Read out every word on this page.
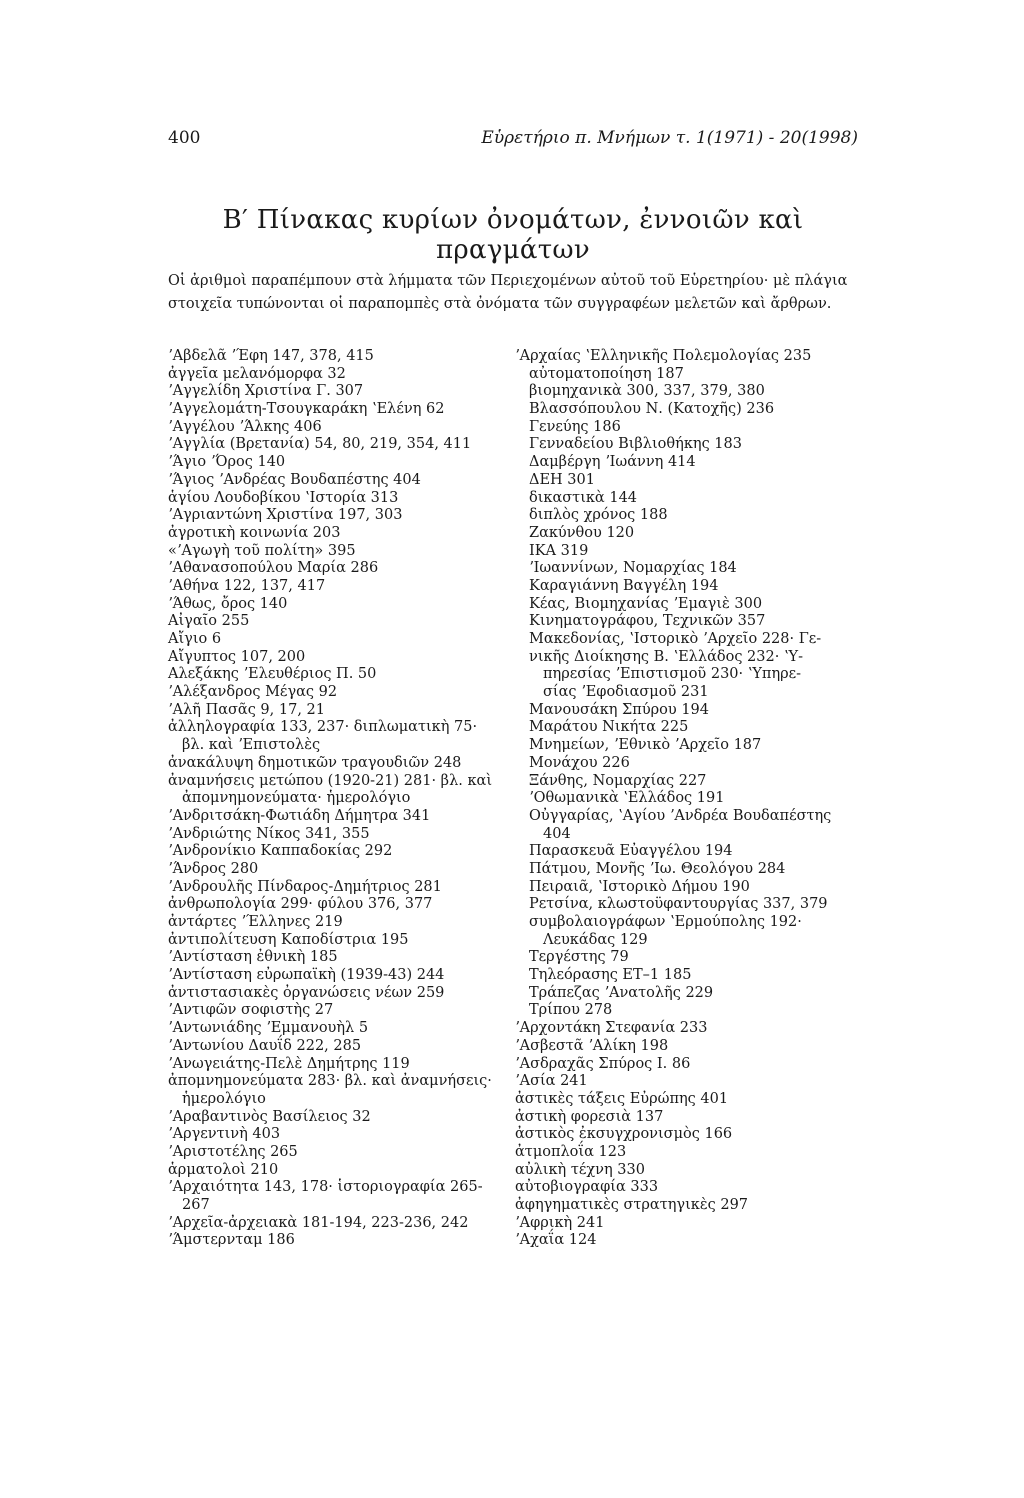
400	Εὑρετήριο π. Μνήμων τ. 1(1971) - 20(1998)
Β′ Πίνακας κυρίων ὀνομάτων, ἐννοιῶν καὶ πραγμάτων
Οἱ ἀριθμοὶ παραπέμπουν στὰ λήμματα τῶν Περιεχομένων αὐτοῦ τοῦ Εὑρετηρίου· μὲ πλάγια
στοιχεῖα τυπώνονται οἱ παραπομπὲς στὰ ὀνόματα τῶν συγγραφέων μελετῶν καὶ ἄρθρων.
ʼΑβδελᾶ ʼΈφη 147, 378, 415
ἀγγεῖα μελανόμορφα 32
ʼΑγγελίδη Χριστίνα Γ. 307
ʼΑγγελομάτη-Τσουγκαράκη ʽΕλένη 62
ʼΑγγέλου ʼΆλκης 406
ʼΑγγλία (Βρετανία) 54, 80, 219, 354, 411
ʼΆγιο ʼΌρος 140
ʼΆγιος ʼΑνδρέας Βουδαπέστης 404
ἁγίου Λουδοβίκου ʽΙστορία 313
ʼΑγριαντώνη Χριστίνα 197, 303
ἀγροτικὴ κοινωνία 203
«ʼΑγωγὴ τοῦ πολίτη» 395
ʼΑθανασοπούλου Μαρία 286
ʼΑθήνα 122, 137, 417
ʼΆθως, ὄρος 140
Αἰγαῖο 255
Αἴγιο 6
Αἴγυπτος 107, 200
Αλεξάκης ʼΕλευθέριος Π. 50
ʼΑλέξανδρος Μέγας 92
ʼΑλῆ Πασᾶς 9, 17, 21
ἀλληλογραφία 133, 237· διπλωματικὴ 75·
βλ. καὶ ʼΕπιστολὲς
ἀνακάλυψη δημοτικῶν τραγουδιῶν 248
ἀναμνήσεις μετώπου (1920-21) 281· βλ. καὶ
ἀπομνημονεύματα· ἡμερολόγιο
ʼΑνδριτσάκη-Φωτιάδη Δήμητρα 341
ʼΑνδριώτης Νίκος 341, 355
ʼΑνδρονίκιο Καππαδοκίας 292
ʼΆνδρος 280
ʼΑνδρουλῆς Πίνδαρος-Δημήτριος 281
ἀνθρωπολογία 299· φύλου 376, 377
ἀντάρτες ʼΈλληνες 219
ἀντιπολίτευση Καποδίστρια 195
ʼΑντίσταση ἐθνικὴ 185
ʼΑντίσταση εὐρωπαϊκὴ (1939-43) 244
ἀντιστασιακὲς ὀργανώσεις νέων 259
ʼΑντιφῶν σοφιστὴς 27
ʼΑντωνιάδης ʼΕμμανουὴλ 5
ʼΑντωνίου Δαυΐδ 222, 285
ʼΑνωγειάτης-Πελὲ Δημήτρης 119
ἀπομνημονεύματα 283· βλ. καὶ ἀναμνήσεις·
ἡμερολόγιο
ʼΑραβαντινὸς Βασίλειος 32
ʼΑργεντινὴ 403
ʼΑριστοτέλης 265
ἁρματολοὶ 210
ʼΑρχαιότητα 143, 178· ἱστοριογραφία 265-
267
ʼΑρχεῖα-ἀρχειακὰ 181-194, 223-236, 242
ʼΆμστερνταμ 186
ʼΑρχαίας ʽΕλληνικῆς Πολεμολογίας 235
αὐτοματοποίηση 187
βιομηχανικὰ 300, 337, 379, 380
Βλασσόπουλου Ν. (Κατοχῆς) 236
Γενεύης 186
Γενναδείου Βιβλιοθήκης 183
Δαμβέργη ʼΙωάννη 414
ΔΕΗ 301
δικαστικὰ 144
διπλὸς χρόνος 188
Ζακύνθου 120
ΙΚΑ 319
ʼΙωαννίνων, Νομαρχίας 184
Καραγιάννη Βαγγέλη 194
Κέας, Βιομηχανίας ʼΕμαγιὲ 300
Κινηματογράφου, Τεχνικῶν 357
Μακεδονίας, ʽΙστορικὸ ʼΑρχεῖο 228· Γε-
νικῆς Διοίκησης Β. ʽΕλλάδος 232· ʽΥ-
πηρεσίας ʼΕπιστισμοῦ 230· ʽΥπηρε-
σίας ʼΕφοδιασμοῦ 231
Μανουσάκη Σπύρου 194
Μαράτου Νικήτα 225
Μνημείων, ʼΕθνικὸ ʼΑρχεῖο 187
Μονάχου 226
Ξάνθης, Νομαρχίας 227
ʼΟθωμανικὰ ʽΕλλάδος 191
Οὐγγαρίας, ʽΑγίου ʼΑνδρέα Βουδαπέστης
404
Παρασκευᾶ Εὐαγγέλου 194
Πάτμου, Μονῆς ʼΙω. Θεολόγου 284
Πειραιᾶ, ʽΙστορικὸ Δήμου 190
Ρετσίνα, κλωστοϋφαντουργίας 337, 379
συμβολαιογράφων ʽΕρμούπολης 192·
Λευκάδας 129
Τεργέστης 79
Τηλεόρασης ΕΤ–1 185
Τράπεζας ʼΑνατολῆς 229
Τρίπου 278
ʼΑρχοντάκη Στεφανία 233
ʼΑσβεστᾶ ʼΑλίκη 198
ʼΑσδραχᾶς Σπύρος Ι. 86
ʼΑσία 241
ἀστικὲς τάξεις Εὐρώπης 401
ἀστικὴ φορεσιὰ 137
ἀστικὸς ἐκσυγχρονισμὸς 166
ἀτμοπλοΐα 123
αὐλικὴ τέχνη 330
αὐτοβιογραφία 333
ἀφηγηματικὲς στρατηγικὲς 297
ʼΑφρικὴ 241
ʼΑχαΐα 124
